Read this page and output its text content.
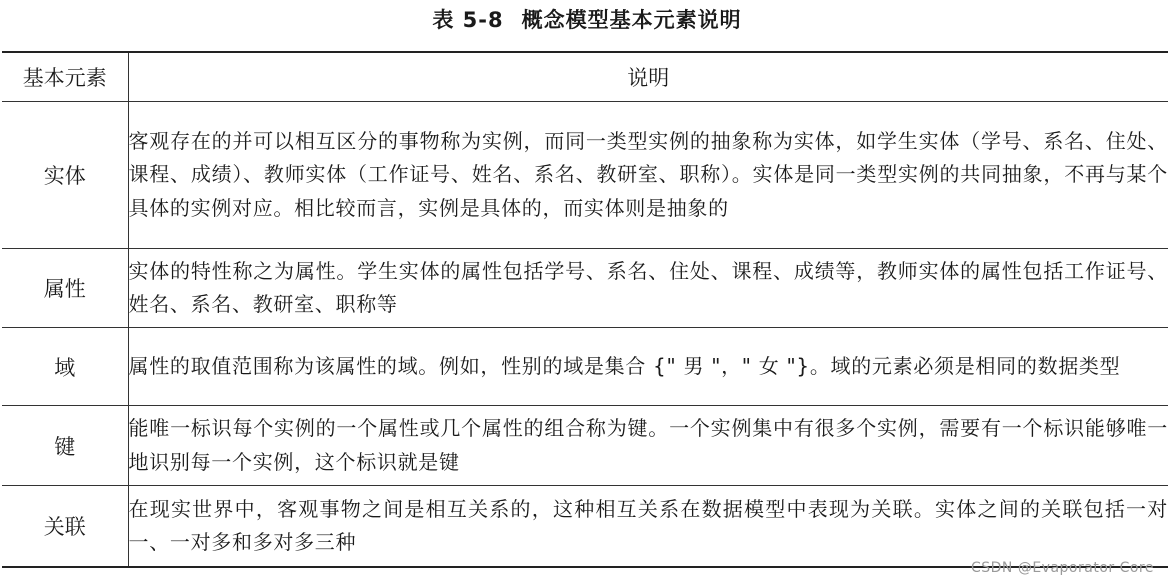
表 5-8 概念模型基本元素说明
基本元素	说明
实体	客观存在的并可以相互区分的事物称为实例，而同一类型实例的抽象称为实体，如学生实体（学号、系名、住处、课程、成绩）、教师实体（工作证号、姓名、系名、教研室、职称）。实体是同一类型实例的共同抽象，不再与某个具体的实例对应。相比较而言，实例是具体的，而实体则是抽象的
属性	实体的特性称之为属性。学生实体的属性包括学号、系名、住处、课程、成绩等，教师实体的属性包括工作证号、姓名、系名、教研室、职称等
域	属性的取值范围称为该属性的域。例如，性别的域是集合 {" 男 "，" 女 "}。域的元素必须是相同的数据类型
键	能唯一标识每个实例的一个属性或几个属性的组合称为键。一个实例集中有很多个实例，需要有一个标识能够唯一地识别每一个实例，这个标识就是键
关联	在现实世界中，客观事物之间是相互关系的，这种相互关系在数据模型中表现为关联。实体之间的关联包括一对一、一对多和多对多三种
CSDN @Evaporator Core
